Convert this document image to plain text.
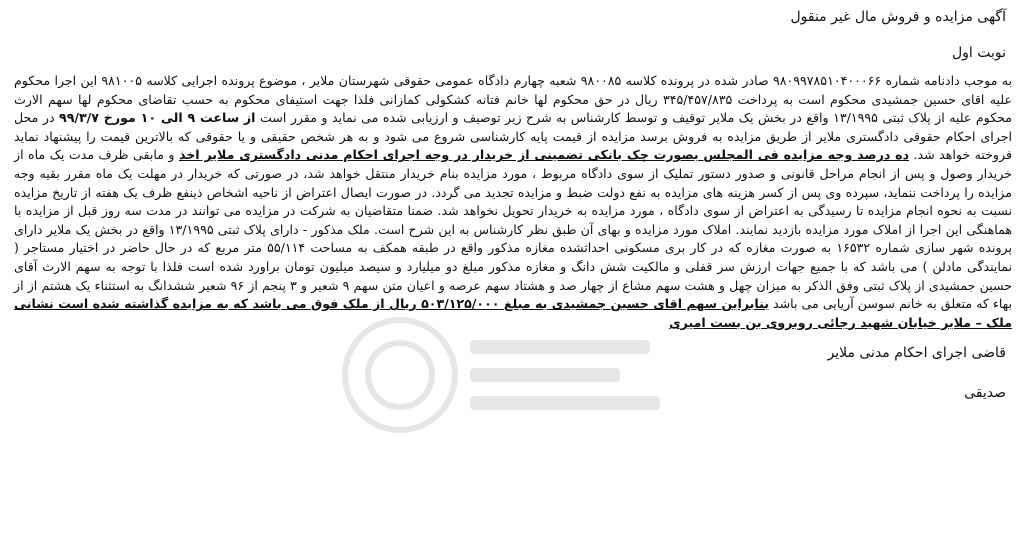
آگهی مزایده و فروش مال غیر منقول
نوبت اول

به موجب دادنامه شماره ۹۸۰۹۹۷۸۵۱۰۴۰۰۰۶۶ صادر شده در پرونده کلاسه ۹۸۰۰۸۵ شعبه چهارم دادگاه عمومی حقوقی شهرستان ملایر ، موضوع پرونده اجرایی کلاسه ۹۸۱۰۰۵ این اجرا محکوم علیه اقای حسین جمشیدی محکوم است به پرداخت ۳۴۵/۴۵۷/۸۳۵ ریال در حق محکوم لها خانم فتانه کشکولی کمازانی فلذا جهت استیفای محکوم به حسب تقاضای محکوم لها سهم الارث محکوم علیه از پلاک ثبتی ۱۳/۱۹۹۵ واقع در بخش یک ملایر توقیف و توسط کارشناس به شرح زیر توصیف و ارزیابی شده می نماید و مقرر است از ساعت ۹ الی ۱۰ مورخ ۹۹/۳/۷ در محل اجرای احکام حقوقی دادگستری ملایر از طریق مزایده به فروش برسد مزایده از قیمت پایه کارشناسی شروع می شود و به هر شخص حقیقی و یا حقوقی که بالاترین قیمت را پیشنهاد نماید فروخته خواهد شد. ده درصد وجه مزایده فی المجلس بصورت چک بانکی تضمینی از خریدار در وجه اجرای احکام مدنی دادگستری ملایر اخذ و مابقی ظرف مدت یک ماه از خریدار وصول و پس از انجام مراحل قانونی و صدور دستور تملیک از سوی دادگاه مربوط ، مورد مزایده بنام خریدار منتقل خواهد شد، در صورتی که خریدار در مهلت یک ماه مقرر بقیه وجه مزایده را پرداخت ننماید، سپرده وی پس از کسر هزینه های مزایده به نفع دولت ضبط و مزایده تجدید می گردد. در صورت ایصال اعتراض از ناحیه اشخاص ذینفع ظرف یک هفته از تاریخ مزایده نسبت به نحوه انجام مزایده تا رسیدگی به اعتراض از سوی دادگاه ، مورد مزایده به خریدار تحویل نخواهد شد. ضمنا متقاضیان به شرکت در مزایده می توانند در مدت سه روز قبل از مزایده با هماهنگی این اجرا از املاک مورد مزایده بازدید نمایند. املاک مورد مزایده و بهای آن طبق نظر کارشناس به این شرح است. ملک مذکور - دارای پلاک ثبتی ۱۳/۱۹۹۵ واقع در بخش یک ملایر دارای پرونده شهر سازی شماره ۱۶۵۳۲ به صورت مغازه که در کار بری مسکونی احداثشده مغازه مذکور واقع در طبقه همکف به مساحت ۵۵/۱۱۴ متر مربع که در حال حاضر در اختیار مستاجر ( نمایندگی مادلن ) می باشد که با جمیع جهات ارزش سر قفلی و مالکیت شش دانگ و مغازه مذکور مبلغ دو میلیارد و سیصد میلیون تومان براورد شده است فلذا با توجه به سهم الارث آقای حسین جمشیدی از پلاک ثبتی وفق الذکر به میزان چهل و هشت سهم مشاع از چهار صد و هشتاد سهم عرصه و اعیان متن سهم ۹ شعیر و ۳ پنجم از ۹۶ شعیر ششدانگ به استثناء یک هشتم از از بهاء که متعلق به خانم سوسن آریایی می باشد بنابراین سهم اقای حسین جمشیدی به مبلغ ۵۰۳/۱۲۵/۰۰۰ ریال از ملک فوق می باشد که به مزایده گذاشته شده است نشانی ملک – ملایر خیابان شهید رجائی روبروی بن بست امیری

قاضی اجرای احکام مدنی ملایر
صدیقی
